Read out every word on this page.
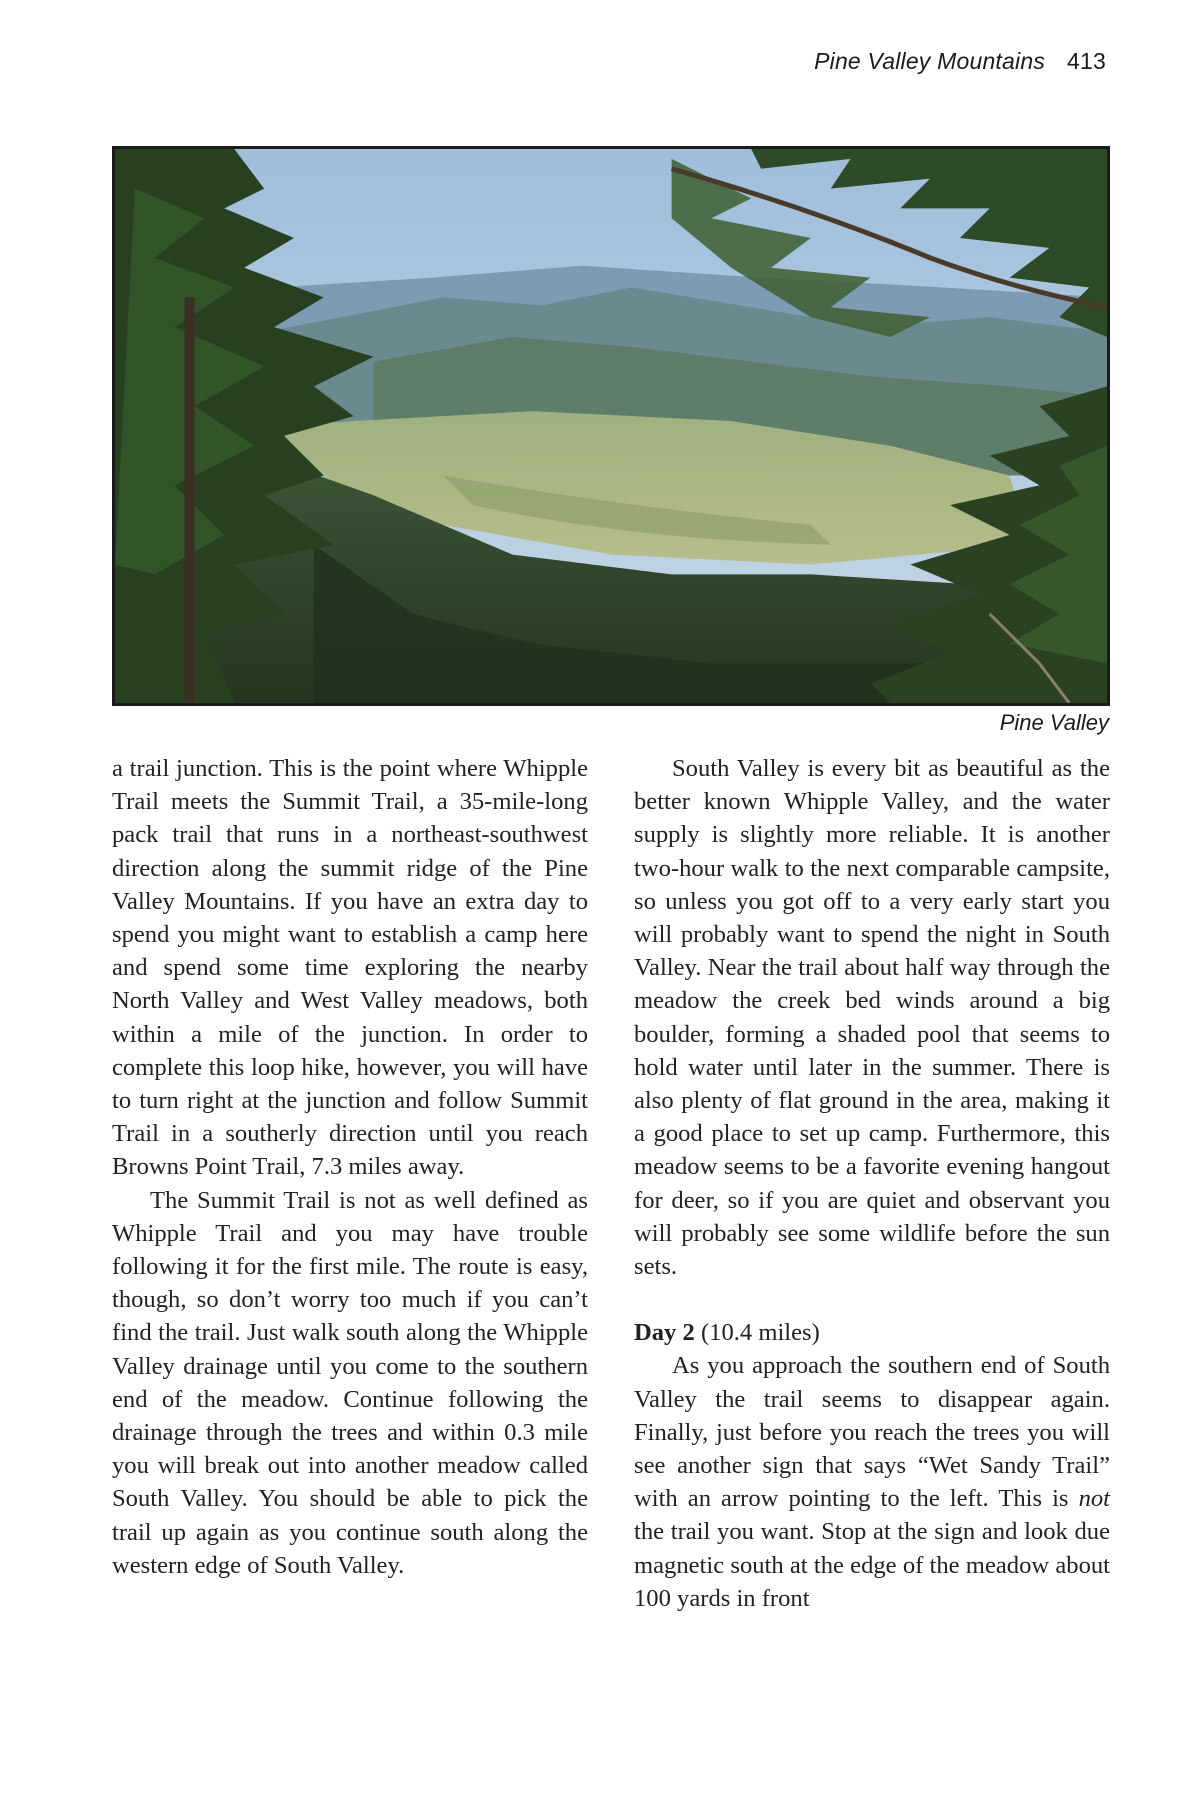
Pine Valley Mountains 413
Pine Valley

a trail junction. This is the point where Whipple Trail meets the Summit Trail, a 35-mile-long pack trail that runs in a northeast-southwest direction along the summit ridge of the Pine Valley Mountains. If you have an extra day to spend you might want to establish a camp here and spend some time exploring the nearby North Valley and West Valley meadows, both within a mile of the junction. In order to complete this loop hike, however, you will have to turn right at the junction and follow Summit Trail in a southerly direction until you reach Browns Point Trail, 7.3 miles away.

The Summit Trail is not as well defined as Whipple Trail and you may have trouble following it for the first mile. The route is easy, though, so don’t worry too much if you can’t find the trail. Just walk south along the Whipple Valley drainage until you come to the southern end of the meadow. Continue following the drainage through the trees and within 0.3 mile you will break out into another meadow called South Valley. You should be able to pick the trail up again as you continue south along the western edge of South Valley.

South Valley is every bit as beautiful as the better known Whipple Valley, and the water supply is slightly more reliable. It is another two-hour walk to the next comparable campsite, so unless you got off to a very early start you will probably want to spend the night in South Valley. Near the trail about half way through the meadow the creek bed winds around a big boulder, forming a shaded pool that seems to hold water until later in the summer. There is also plenty of flat ground in the area, making it a good place to set up camp. Furthermore, this meadow seems to be a favorite evening hangout for deer, so if you are quiet and observant you will probably see some wildlife before the sun sets.

Day 2 (10.4 miles)

As you approach the southern end of South Valley the trail seems to disappear again. Finally, just before you reach the trees you will see another sign that says “Wet Sandy Trail” with an arrow pointing to the left. This is not the trail you want. Stop at the sign and look due magnetic south at the edge of the meadow about 100 yards in front
